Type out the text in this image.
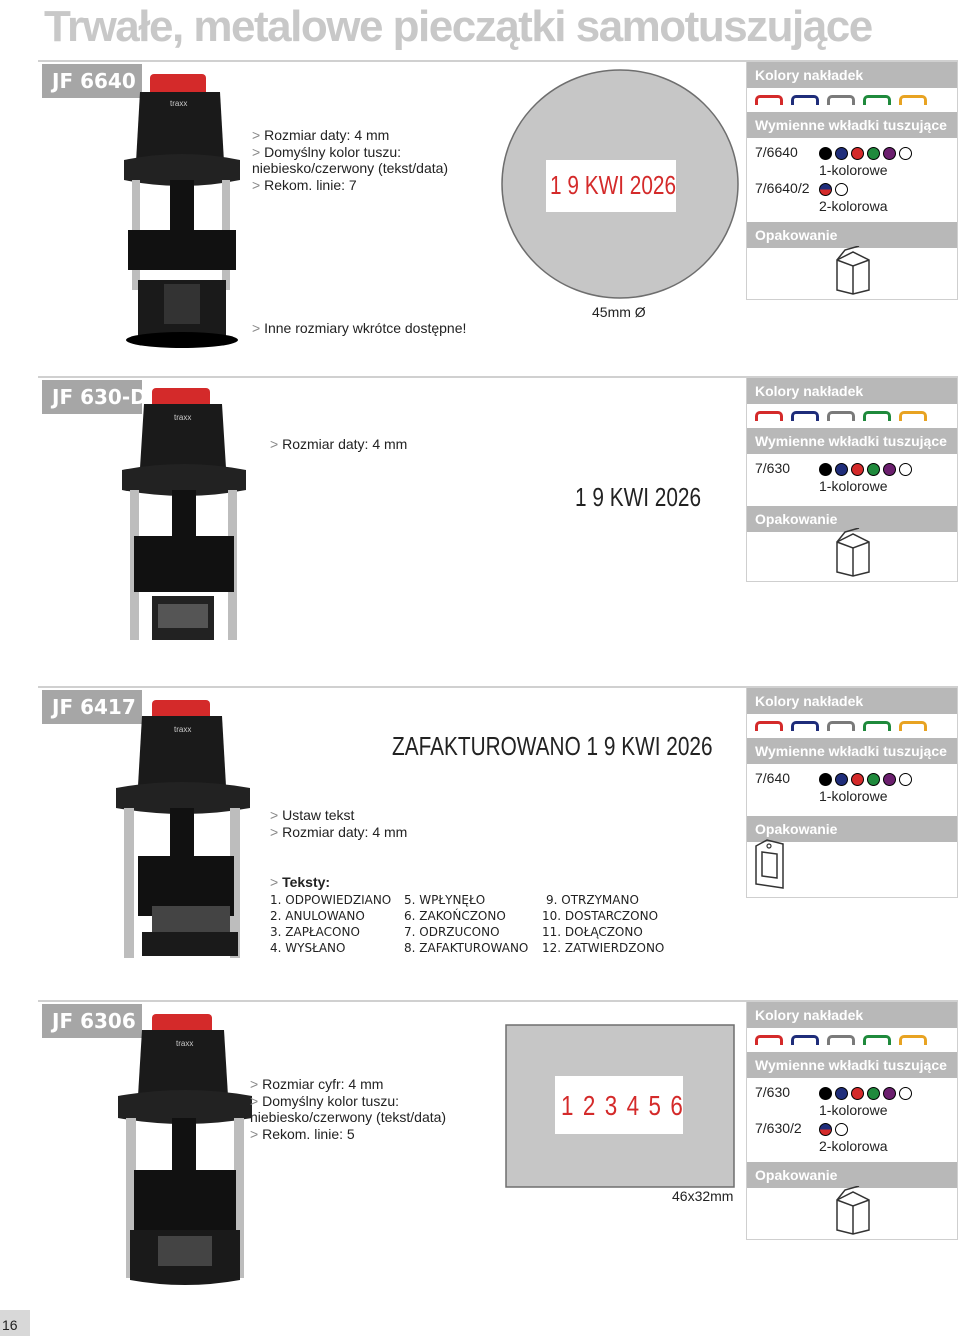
Trwałe, metalowe pieczątki samotuszujące
JF 6640
traxx
> Rozmiar daty: 4 mm
> Domyślny kolor tuszu:
niebiesko/czerwony (tekst/data)
> Rekom. linie: 7
> Inne rozmiary wkrótce dostępne!
1 9 KWI 2026
45mm Ø
Kolory nakładek
Wymienne wkładki tuszujące
7/6640
1-kolorowe
7/6640/2
2-kolorowa
Opakowanie
JF 630-D
traxx
> Rozmiar daty: 4 mm
1 9 KWI 2026
Kolory nakładek
Wymienne wkładki tuszujące
7/630
1-kolorowe
Opakowanie
JF 6417
traxx
ZAFAKTUROWANO 1 9 KWI 2026
> Ustaw tekst
> Rozmiar daty: 4 mm
> Teksty:
1. ODPOWIEDZIANO
2. ANULOWANO
3. ZAPŁACONO
4. WYSŁANO
5. WPŁYNĘŁO
6. ZAKOŃCZONO
7. ODRZUCONO
8. ZAFAKTUROWANO
9. OTRZYMANO
10. DOSTARCZONO
11. DOŁĄCZONO
12. ZATWIERDZONO
Kolory nakładek
Wymienne wkładki tuszujące
7/640
1-kolorowe
Opakowanie
JF 6306
traxx
> Rozmiar cyfr: 4 mm
> Domyślny kolor tuszu:
niebiesko/czerwony (tekst/data)
> Rekom. linie: 5
1 2 3 4 5 6
46x32mm
Kolory nakładek
Wymienne wkładki tuszujące
7/630
1-kolorowe
7/630/2
2-kolorowa
Opakowanie
16
